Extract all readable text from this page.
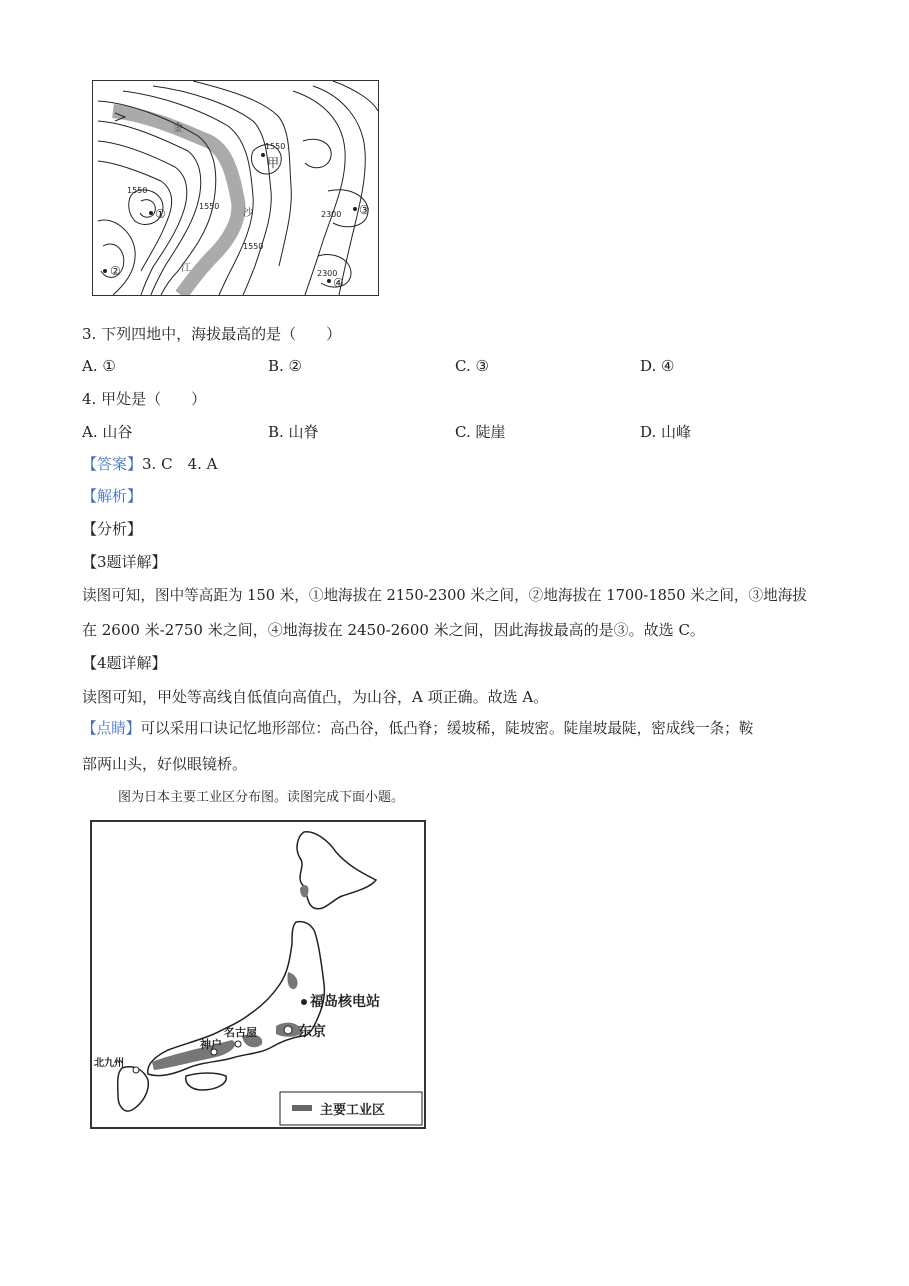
1550
1550
1550
1550
2300
2300
甲
①
②
③
④
金
沙
江
3. 下列四地中，海拔最高的是（　　）
A. ①	B. ②	C. ③	D. ④
4. 甲处是（　　）
A. 山谷	B. 山脊	C. 陡崖	D. 山峰
【答案】3. C　4. A
【解析】
【分析】
【3题详解】
读图可知，图中等高距为 150 米，①地海拔在 2150-2300 米之间，②地海拔在 1700-1850 米之间，③地海拔
在 2600 米-2750 米之间，④地海拔在 2450-2600 米之间，因此海拔最高的是③。故选 C。
【4题详解】
读图可知，甲处等高线自低值向高值凸，为山谷，A 项正确。故选 A。
【点睛】可以采用口诀记忆地形部位：高凸谷，低凸脊；缓坡稀，陡坡密。陡崖坡最陡，密成线一条；鞍
部两山头，好似眼镜桥。
图为日本主要工业区分布图。读图完成下面小题。
福岛核电站
东京
名古屋
神户
北九州
主要工业区
